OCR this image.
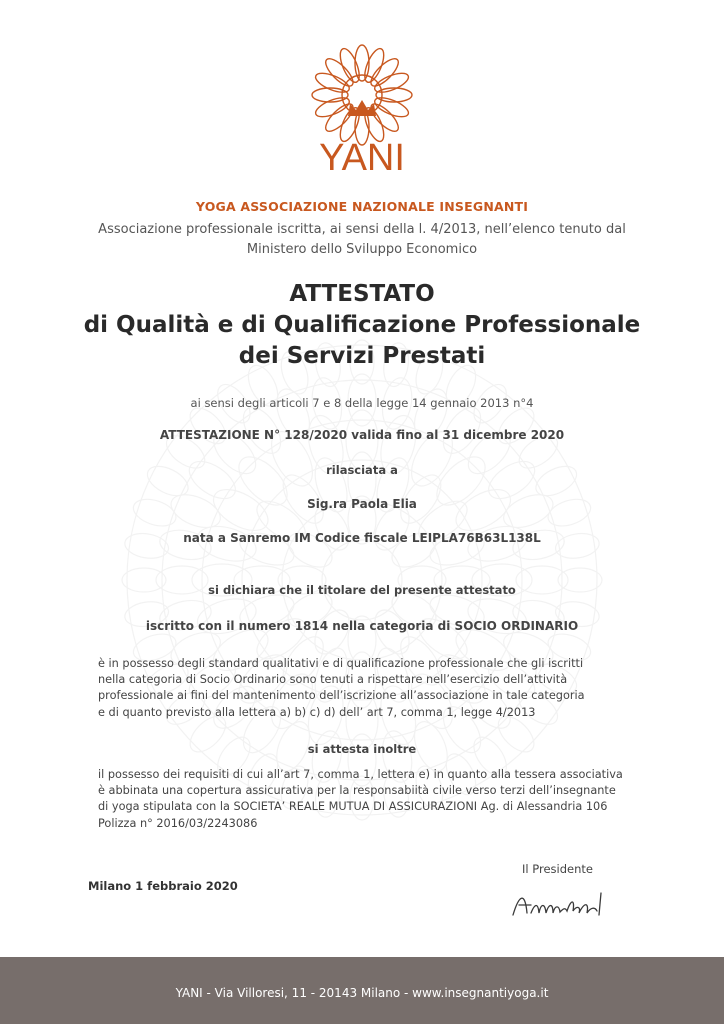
YANI
YOGA ASSOCIAZIONE NAZIONALE INSEGNANTI
Associazione professionale iscritta, ai sensi della l. 4/2013, nell’elenco tenuto dal
Ministero dello Sviluppo Economico
ATTESTATO
di Qualità e di Qualificazione Professionale
dei Servizi Prestati
ai sensi degli articoli 7 e 8 della legge 14 gennaio 2013 n°4
ATTESTAZIONE N° 128/2020 valida fino al 31 dicembre 2020
rilasciata a
Sig.ra Paola Elia
nata a Sanremo IM Codice fiscale LEIPLA76B63L138L
si dichiara che il titolare del presente attestato
iscritto con il numero 1814 nella categoria di SOCIO ORDINARIO
è in possesso degli standard qualitativi e di qualificazione professionale che gli iscritti
nella categoria di Socio Ordinario sono tenuti a rispettare nell’esercizio dell’attività
professionale ai fini del mantenimento dell’iscrizione all’associazione in tale categoria
e di quanto previsto alla lettera a) b) c) d) dell’ art 7, comma 1, legge 4/2013
si attesta inoltre
il possesso dei requisiti di cui all’art 7, comma 1, lettera e) in quanto alla tessera associativa
è abbinata una copertura assicurativa per la responsabiità civile verso terzi dell’insegnante
di yoga stipulata con la SOCIETA’ REALE MUTUA DI ASSICURAZIONI Ag. di Alessandria 106
Polizza n° 2016/03/2243086
Il Presidente
Milano 1 febbraio 2020
YANI - Via Villoresi, 11 - 20143 Milano - www.insegnantiyoga.it
